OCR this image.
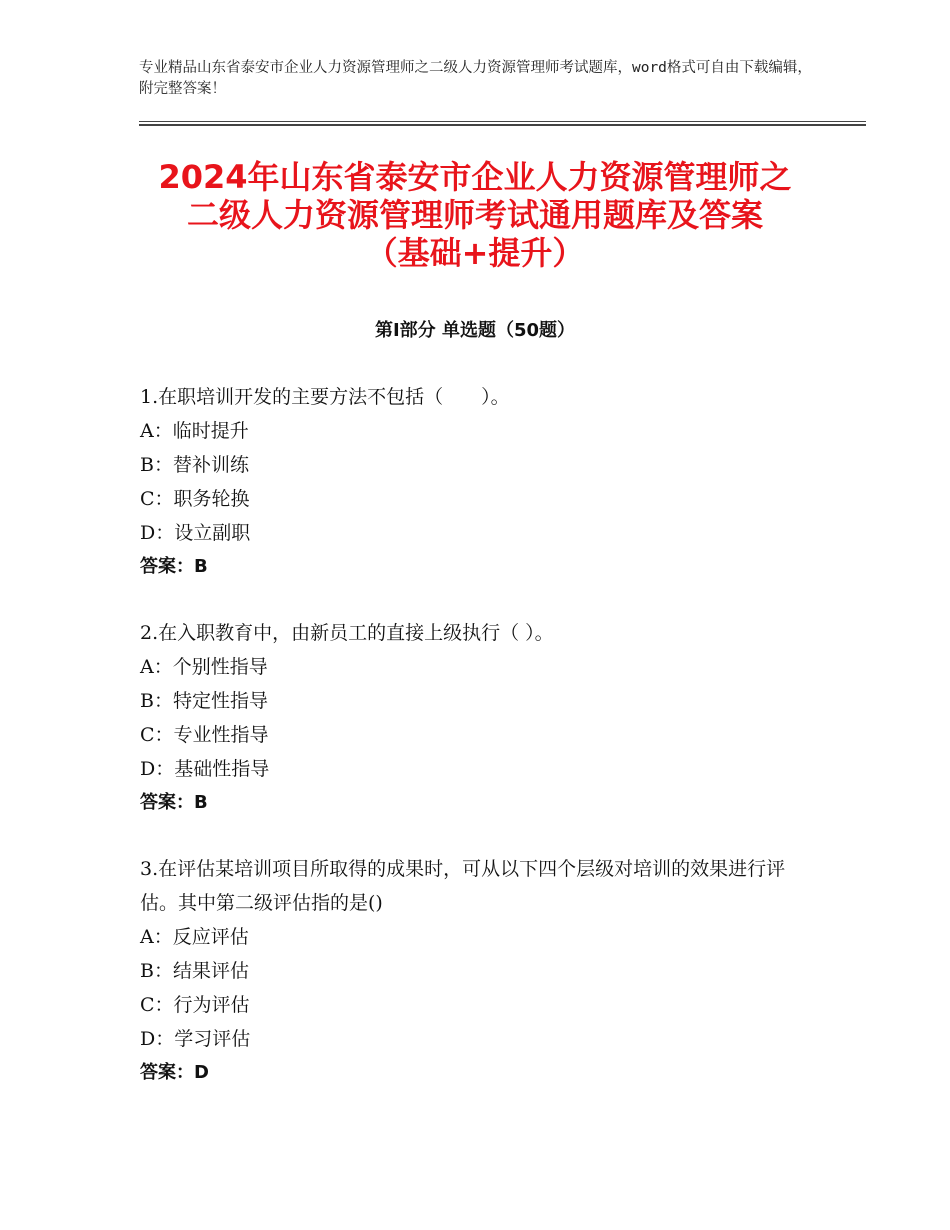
专业精品山东省泰安市企业人力资源管理师之二级人力资源管理师考试题库，word格式可自由下载编辑，附完整答案！
2024年山东省泰安市企业人力资源管理师之
二级人力资源管理师考试通用题库及答案
（基础+提升）
第Ⅰ部分 单选题（50题）
1.在职培训开发的主要方法不包括（　　）。
A：临时提升
B：替补训练
C：职务轮换
D：设立副职
答案：B
2.在入职教育中，由新员工的直接上级执行（ ）。
A：个别性指导
B：特定性指导
C：专业性指导
D：基础性指导
答案：B
3.在评估某培训项目所取得的成果时，可从以下四个层级对培训的效果进行评估。其中第二级评估指的是()
A：反应评估
B：结果评估
C：行为评估
D：学习评估
答案：D
